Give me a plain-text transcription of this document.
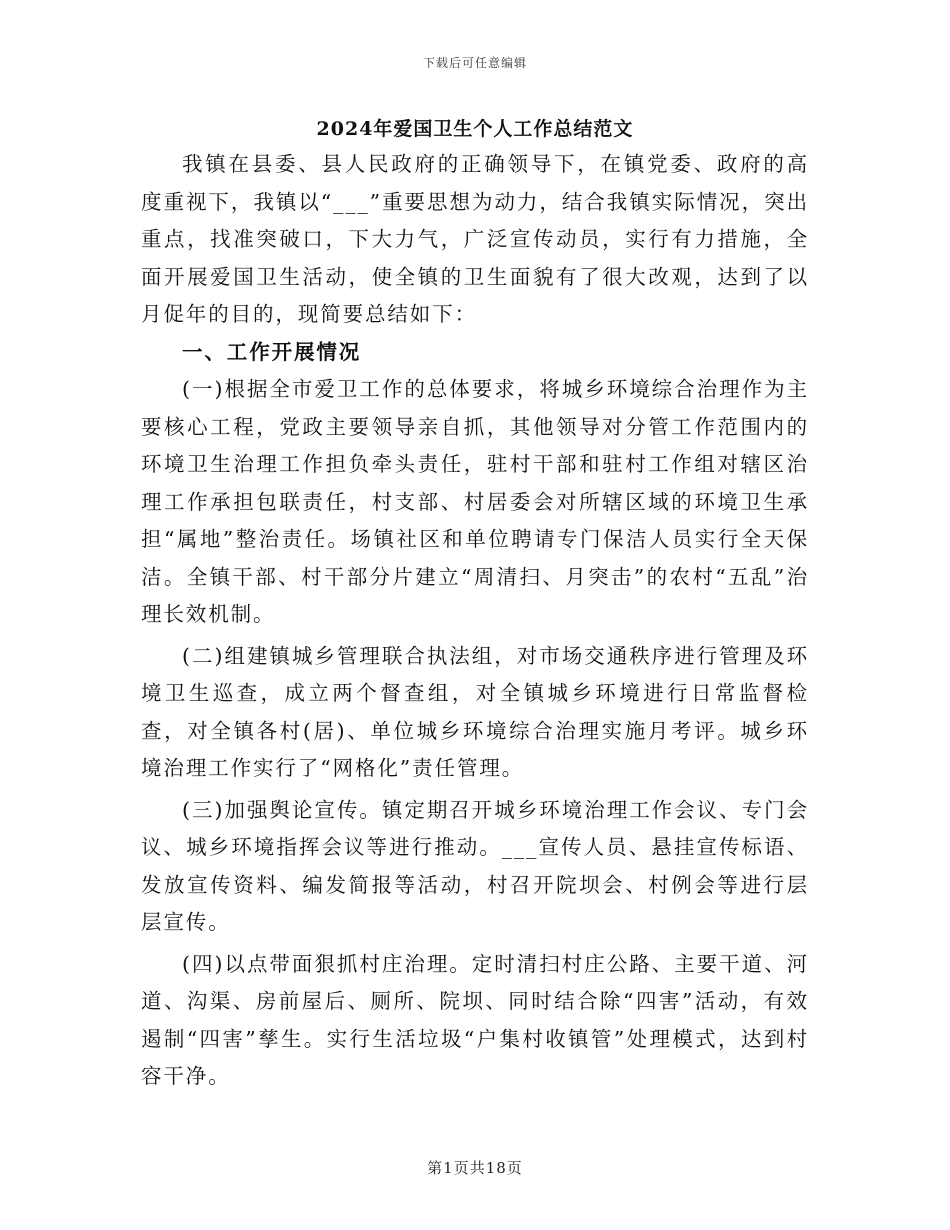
下载后可任意编辑
2024年爱国卫生个人工作总结范文

我镇在县委、县人民政府的正确领导下，在镇党委、政府的高度重视下，我镇以“___”重要思想为动力，结合我镇实际情况，突出重点，找准突破口，下大力气，广泛宣传动员，实行有力措施，全面开展爱国卫生活动，使全镇的卫生面貌有了很大改观，达到了以月促年的目的，现简要总结如下：

一、工作开展情况

(一)根据全市爱卫工作的总体要求，将城乡环境综合治理作为主要核心工程，党政主要领导亲自抓，其他领导对分管工作范围内的环境卫生治理工作担负牵头责任，驻村干部和驻村工作组对辖区治理工作承担包联责任，村支部、村居委会对所辖区域的环境卫生承担“属地”整治责任。场镇社区和单位聘请专门保洁人员实行全天保洁。全镇干部、村干部分片建立“周清扫、月突击”的农村“五乱”治理长效机制。

(二)组建镇城乡管理联合执法组，对市场交通秩序进行管理及环境卫生巡查，成立两个督查组，对全镇城乡环境进行日常监督检查，对全镇各村(居)、单位城乡环境综合治理实施月考评。城乡环境治理工作实行了“网格化”责任管理。

(三)加强舆论宣传。镇定期召开城乡环境治理工作会议、专门会议、城乡环境指挥会议等进行推动。___宣传人员、悬挂宣传标语、发放宣传资料、编发简报等活动，村召开院坝会、村例会等进行层层宣传。

(四)以点带面狠抓村庄治理。定时清扫村庄公路、主要干道、河道、沟渠、房前屋后、厕所、院坝、同时结合除“四害”活动，有效遏制“四害”孳生。实行生活垃圾“户集村收镇管”处理模式，达到村容干净。

第1页共18页
